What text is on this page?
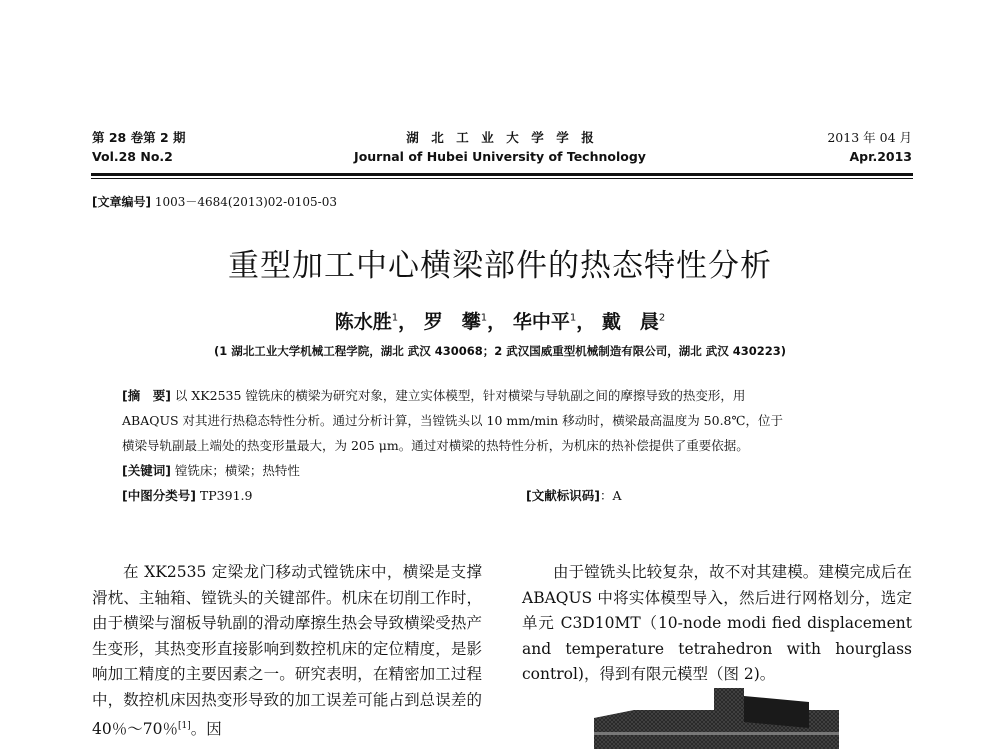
第 28 卷第 2 期
Vol.28 No.2
湖　北　工　业　大　学　学　报
Journal of Hubei University of Technology
2013 年 04 月
Apr.2013
[文章编号] 1003－4684(2013)02-0105-03
重型加工中心横梁部件的热态特性分析
陈水胜$^1$， 罗　攀$^1$， 华中平$^1$， 戴　晨$^2$
(1 湖北工业大学机械工程学院，湖北 武汉 430068；2 武汉国威重型机械制造有限公司，湖北 武汉 430223)
[摘　要] 以 XK2535 镗铣床的横梁为研究对象，建立实体模型，针对横梁与导轨副之间的摩擦导致的热变形，用
ABAQUS 对其进行热稳态特性分析。通过分析计算，当镗铣头以 10 mm/min 移动时，横梁最高温度为 50.8℃，位于
横梁导轨副最上端处的热变形量最大，为 205 μm。通过对横梁的热特性分析，为机床的热补偿提供了重要依据。
[关键词] 镗铣床；横梁；热特性
[中图分类号] TP391.9	[文献标识码]：A

在 XK2535 定梁龙门移动式镗铣床中，横梁是支撑滑枕、主轴箱、镗铣头的关键部件。机床在切削工作时，由于横梁与溜板导轨副的滑动摩擦生热会导致横梁受热产生变形，其热变形直接影响到数控机床的定位精度，是影响加工精度的主要因素之一。研究表明，在精密加工过程中，数控机床因热变形导致的加工误差可能占到总误差的 40％～70％[1]。因

由于镗铣头比较复杂，故不对其建模。建模完成后在 ABAQUS 中将实体模型导入，然后进行网格划分，选定单元 C3D10MT（10-node modi fied displacement and temperature tetrahedron with hourglass control)，得到有限元模型（图 2)。
